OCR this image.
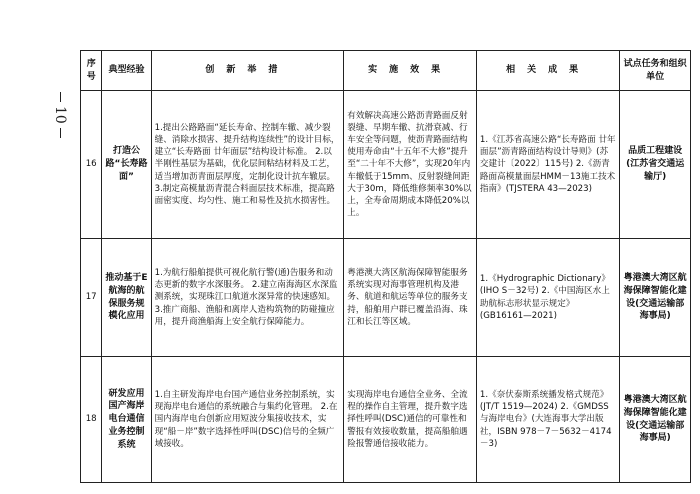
10
序号	典型经验	创新举措	实施效果	相关成果	试点任务和组织单位
16	打造公路“长寿路面”	1.提出公路路面“延长寿命、控制车辙、减少裂缝、消除水损害、提升结构连续性”的设计目标，建立“长寿路面 廿年面层”结构设计标准。 2.以半刚性基层为基础，优化层间粘结材料及工艺，适当增加沥青面层厚度，定制化设计抗车辙层。 3.制定高模量沥青混合料面层技术标准，提高路面密实度、均匀性、施工和易性及抗水损害性。	有效解决高速公路沥青路面反射裂缝、早期车辙、抗滑衰减、行车安全等问题，使沥青路面结构使用寿命由“十五年不大修”提升至“二十年不大修”，实现20年内车辙低于15mm、反射裂缝间距大于30m，降低维修频率30%以上，全寿命周期成本降低20%以上。	1.《江苏省高速公路“长寿路面 廿年面层”沥青路面结构设计导则》(苏交建计〔2022〕115号) 2.《沥青路面高模量面层HMM－13施工技术指南》(TJSTERA 43—2023)	品质工程建设(江苏省交通运输厅)
17	推动基于E航海的航保服务规模化应用	1.为航行船舶提供可视化航行警(通)告服务和动态更新的数字水深服务。 2.建立南海海区水深监测系统，实现珠江口航道水深异常的快速感知。 3.推广商船、渔船和离岸人造构筑物的防碰撞应用，提升商渔船海上安全航行保障能力。	粤港澳大湾区航海保障智能服务系统实现对海事管理机构及港务、航道和航运等单位的服务支持，船舶用户群已覆盖沿海、珠江和长江等区域。	1.《Hydrographic Dictionary》(IHO S－32号) 2.《中国海区水上助航标志形状显示规定》(GB16161—2021)	粤港澳大湾区航海保障智能化建设(交通运输部海事局)
18	研发应用国产海岸电台通信业务控制系统	1.自主研发海岸电台国产通信业务控制系统，实现海岸电台通信的系统融合与集约化管理。 2.在国内海岸电台创新应用短波分集接收技术，实现“船－岸”数字选择性呼叫(DSC)信号的全频广域接收。	实现海岸电台通信全业务、全流程的操作自主管理，提升数字选择性呼叫(DSC)通信的可靠性和警报有效接收数量，提高船舶遇险报警通信接收能力。	1.《奈伏泰斯系统播发格式规范》(JT/T 1519—2024) 2.《GMDSS与海岸电台》(大连海事大学出版社，ISBN 978－7－5632－4174－3)	粤港澳大湾区航海保障智能化建设(交通运输部海事局)
